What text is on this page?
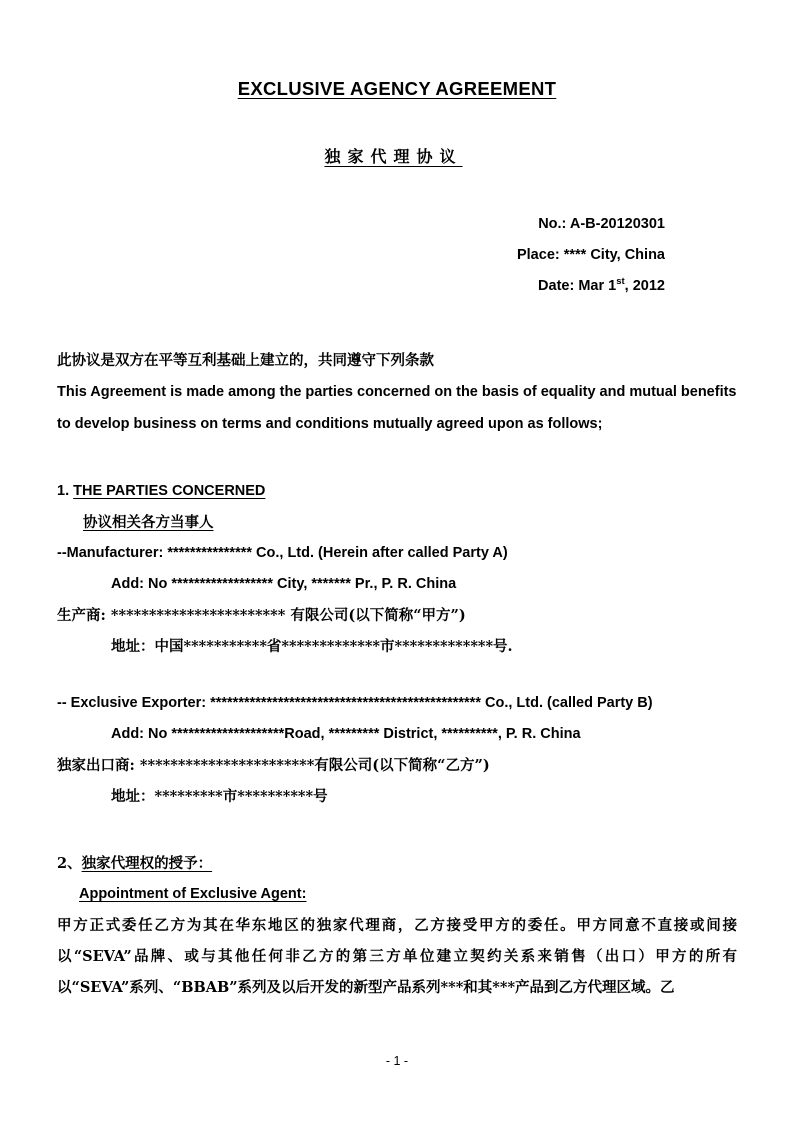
EXCLUSIVE AGENCY AGREEMENT
独家代理协议
No.: A-B-20120301
Place: **** City, China
Date: Mar 1st, 2012

此协议是双方在平等互利基础上建立的，共同遵守下列条款

This Agreement is made among the parties concerned on the basis of equality and mutual benefits to develop business on terms and conditions mutually agreed upon as follows;

1. THE PARTIES CONCERNED
协议相关各方当事人
--Manufacturer: *************** Co., Ltd. (Herein after called Party A)
Add: No ****************** City, ******* Pr., P. R. China
生产商: *********************** 有限公司(以下简称“甲方”)
地址：中国***********省*************市*************号.
-- Exclusive Exporter: ************************************************ Co., Ltd. (called Party B)
Add: No ********************Road, ********* District, **********, P. R. China
独家出口商: ***********************有限公司(以下简称“乙方”)
地址：*********市**********号
2、独家代理权的授予：
Appointment of Exclusive Agent:

甲方正式委任乙方为其在华东地区的独家代理商，乙方接受甲方的委任。甲方同意不直接或间接以“SEVA”品牌、或与其他任何非乙方的第三方单位建立契约关系来销售（出口）甲方的所有以“SEVA”系列、“BBAB”系列及以后开发的新型产品系列***和其***产品到乙方代理区域。乙

- 1 -
